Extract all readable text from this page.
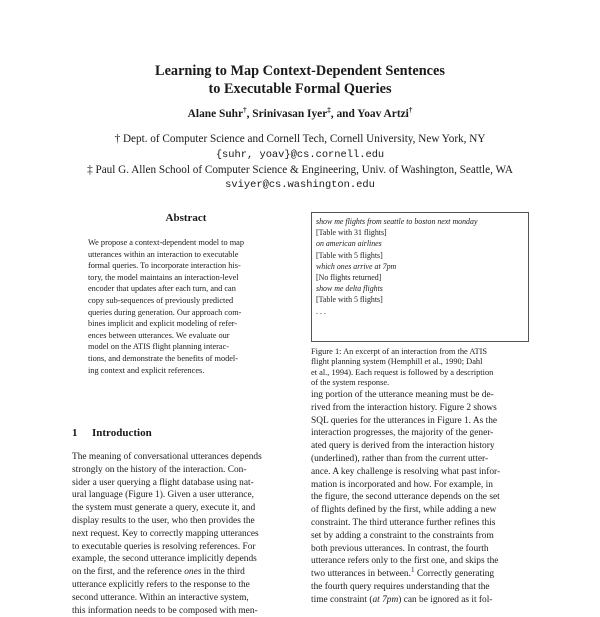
Learning to Map Context-Dependent Sentences
to Executable Formal Queries
Alane Suhr†, Srinivasan Iyer‡, and Yoav Artzi†
† Dept. of Computer Science and Cornell Tech, Cornell University, New York, NY
{suhr, yoav}@cs.cornell.edu
‡ Paul G. Allen School of Computer Science & Engineering, Univ. of Washington, Seattle, WA
sviyer@cs.washington.edu

Abstract

We propose a context-dependent model to map
utterances within an interaction to executable
formal queries. To incorporate interaction his-
tory, the model maintains an interaction-level
encoder that updates after each turn, and can
copy sub-sequences of previously predicted
queries during generation. Our approach com-
bines implicit and explicit modeling of refer-
ences between utterances. We evaluate our
model on the ATIS flight planning interac-
tions, and demonstrate the benefits of model-
ing context and explicit references.
1 Introduction
The meaning of conversational utterances depends
strongly on the history of the interaction. Con-
sider a user querying a flight database using nat-
ural language (Figure 1). Given a user utterance,
the system must generate a query, execute it, and
display results to the user, who then provides the
next request. Key to correctly mapping utterances
to executable queries is resolving references. For
example, the second utterance implicitly depends
on the first, and the reference ones in the third
utterance explicitly refers to the response to the
second utterance. Within an interactive system,
this information needs to be composed with men-
show me flights from seattle to boston next monday
[Table with 31 flights]
on american airlines
[Table with 5 flights]
which ones arrive at 7pm
[No flights returned]
show me delta flights
[Table with 5 flights]
. . .
Figure 1: An excerpt of an interaction from the ATIS
flight planning system (Hemphill et al., 1990; Dahl
et al., 1994). Each request is followed by a description
of the system response.
ing portion of the utterance meaning must be de-
rived from the interaction history. Figure 2 shows
SQL queries for the utterances in Figure 1. As the
interaction progresses, the majority of the gener-
ated query is derived from the interaction history
(underlined), rather than from the current utter-
ance. A key challenge is resolving what past infor-
mation is incorporated and how. For example, in
the figure, the second utterance depends on the set
of flights defined by the first, while adding a new
constraint. The third utterance further refines this
set by adding a constraint to the constraints from
both previous utterances. In contrast, the fourth
utterance refers only to the first one, and skips the
two utterances in between.$^1$ Correctly generating
the fourth query requires understanding that the
time constraint (at 7pm) can be ignored as it fol-
